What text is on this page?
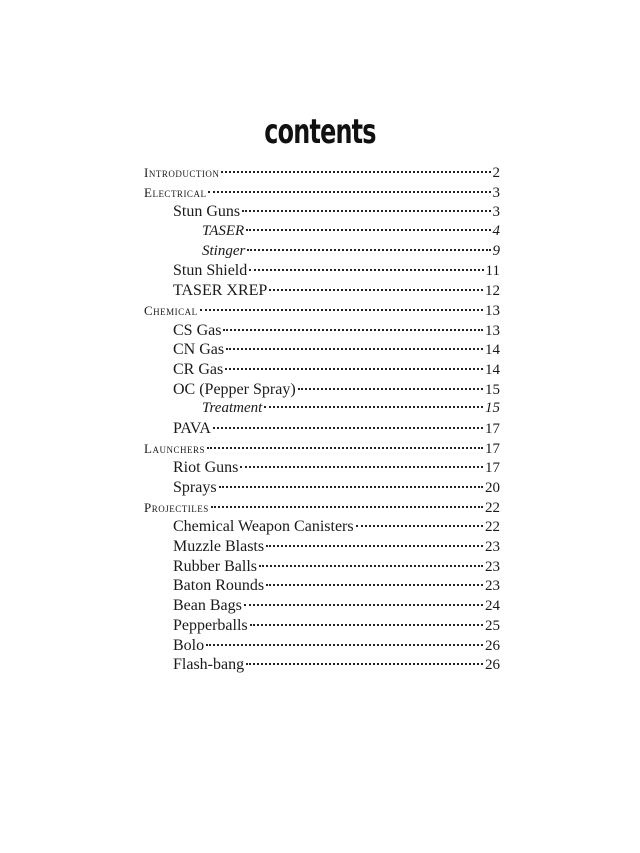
contents
Introduction	2
Electrical	3
Stun Guns	3
TASER	4
Stinger	9
Stun Shield	11
TASER XREP	12
Chemical	13
CS Gas	13
CN Gas	14
CR Gas	14
OC (Pepper Spray)	15
Treatment	15
PAVA	17
Launchers	17
Riot Guns	17
Sprays	20
Projectiles	22
Chemical Weapon Canisters	22
Muzzle Blasts	23
Rubber Balls	23
Baton Rounds	23
Bean Bags	24
Pepperballs	25
Bolo	26
Flash-bang	26
